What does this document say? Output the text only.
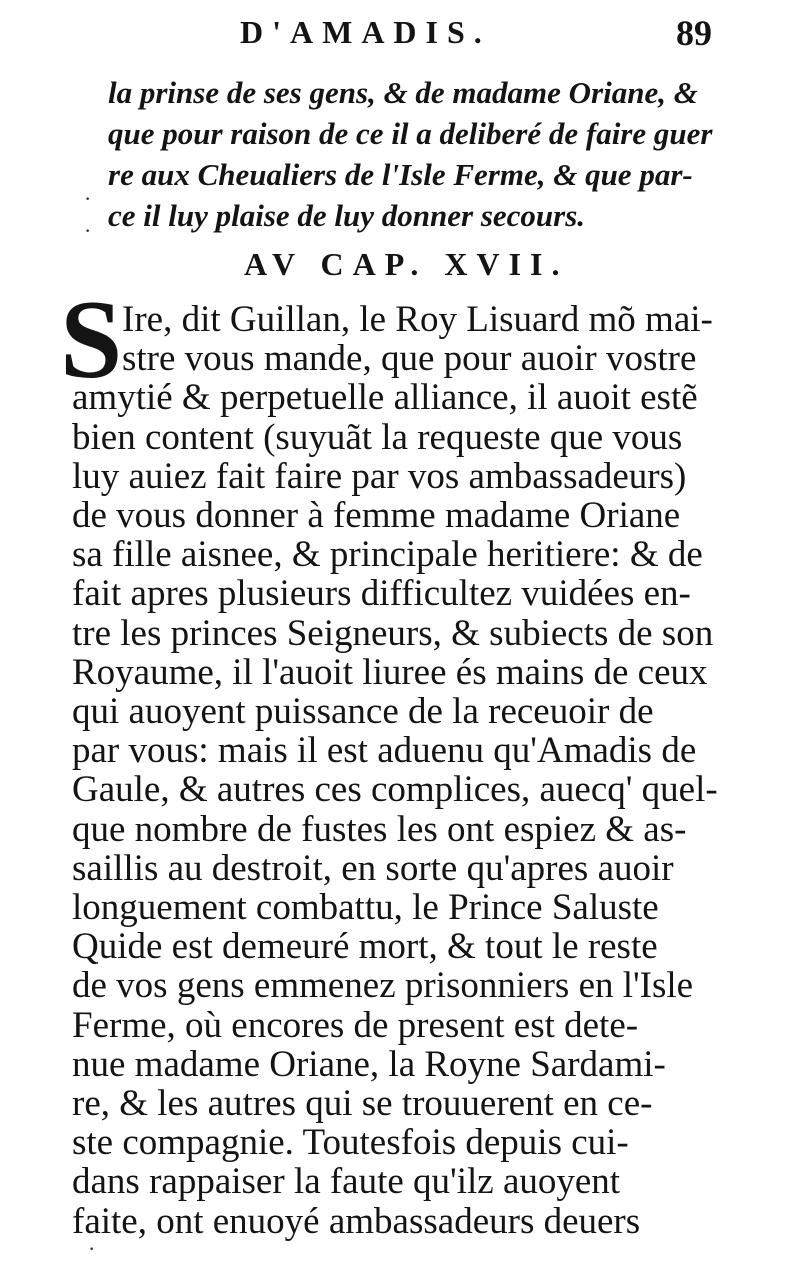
D'AMADIS.	89
la prinse de ses gens, & de madame Oriane, &
que pour raison de ce il a deliberé de faire guer
re aux Cheualiers de l'Isle Ferme, & que par-
ce il luy plaise de luy donner secours.
·
·
AV CAP. XVII.
S Ire, dit Guillan, le Roy Lisuard mõ mai-
stre vous mande, que pour auoir vostre
amytié & perpetuelle alliance, il auoit estẽ
bien content (suyuãt la requeste que vous
luy auiez fait faire par vos ambassadeurs)
de vous donner à femme madame Oriane
sa fille aisnee, & principale heritiere: & de
fait apres plusieurs difficultez vuidées en-
tre les princes Seigneurs, & subiects de son
Royaume, il l'auoit liuree és mains de ceux
qui auoyent puissance de la receuoir de
par vous: mais il est aduenu qu'Amadis de
Gaule, & autres ces complices, auecq' quel-
que nombre de fustes les ont espiez & as-
saillis au destroit, en sorte qu'apres auoir
longuement combattu, le Prince Saluste
Quide est demeuré mort, & tout le reste
de vos gens emmenez prisonniers en l'Isle
Ferme, où encores de present est dete-
nue madame Oriane, la Royne Sardami-
re, & les autres qui se trouuerent en ce-
ste compagnie. Toutesfois depuis cui-
dans rappaiser la faute qu'ilz auoyent
faite, ont enuoyé ambassadeurs deuers
·
